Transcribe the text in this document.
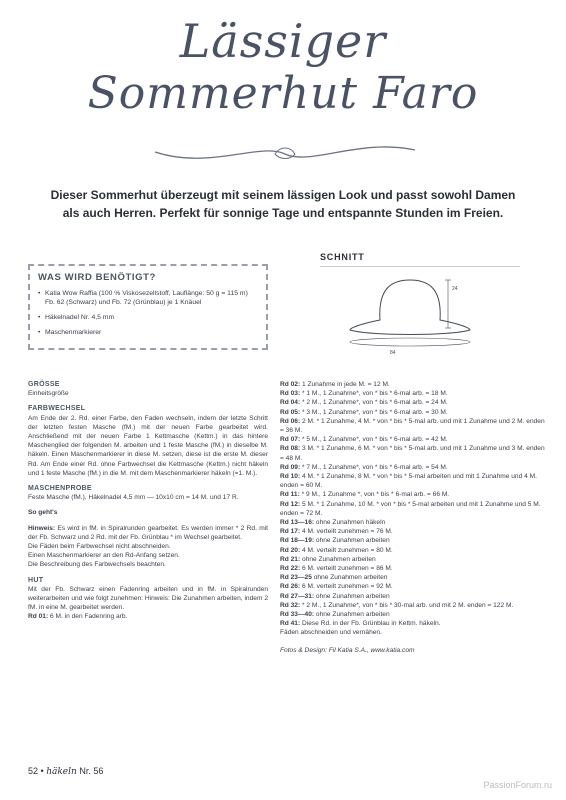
Lässiger
Sommerhut Faro
Dieser Sommerhut überzeugt mit seinem lässigen Look und passt sowohl Damen als auch Herren. Perfekt für sonnige Tage und entspannte Stunden im Freien.
WAS WIRD BENÖTIGT?
• Katia Wow Raffia (100 % Viskosezellstoff, Lauflänge: 50 g = 115 m) Fb. 62 (Schwarz) und Fb. 72 (Grünblau) je 1 Knäuel
• Häkelnadel Nr. 4,5 mm
• Maschenmarkierer
SCHNITT
24
84
GRÖSSE

Einheitsgröße

FARBWECHSEL

Am Ende der 2. Rd. einer Farbe, den Faden wechseln, indem der letzte Schritt der letzten festen Masche (fM.) mit der neuen Farbe gearbeitet wird. Anschließend mit der neuen Farbe 1 Kettmasche (Kettm.) in das hintere Maschenglied der folgenden M. arbeiten und 1 feste Masche (fM.) in dieselbe M. häkeln. Einen Maschenmarkierer in diese M. setzen, diese ist die erste M. dieser Rd. Am Ende einer Rd. ohne Farbwechsel die Kettmasche (Kettm.) nicht häkeln und 1 feste Masche (fM.) in die M. mit dem Maschenmarkierer häkeln (=1. M.).

MASCHENPROBE

Feste Masche (fM.), Häkelnadel 4,5 mm — 10x10 cm = 14 M. und 17 R.

So geht's

Hinweis: Es wird in fM. in Spiralrunden gearbeitet. Es werden immer * 2 Rd. mit der Fb. Schwarz und 2 Rd. mit der Fb. Grünblau * im Wechsel gearbeitet.

Die Fäden beim Farbwechsel nicht abschneiden.
Einen Maschenmarkierer an den Rd-Anfang setzen.
Die Beschreibung des Farbwechsels beachten.
HUT
Mit der Fb. Schwarz einen Fadenring arbeiten und in fM. in Spiralrunden weiterarbeiten und wie folgt zunehmen: Hinweis: Die Zunahmen arbeiten, indem 2 fM. in eine M. gearbeitet werden.
Rd 01: 6 M. in den Fadenring arb.
Rd 02: 1 Zunahme in jede M. = 12 M.
Rd 03: * 1 M., 1 Zunahme*, von * bis * 6-mal arb. = 18 M.
Rd 04: * 2 M., 1 Zunahme*, von * bis * 6-mal arb. = 24 M.
Rd 05: * 3 M., 1 Zunahme*, von * bis * 6-mal arb. = 30 M.
Rd 06: 2 M. * 1 Zunahme, 4 M. * von * bis * 5-mal arb. und mit 1 Zunahme und 2 M. enden = 36 M.
Rd 07: * 5 M., 1 Zunahme*, von * bis * 6-mal arb. = 42 M.
Rd 08: 3 M. * 1 Zunahme, 6 M. * von * bis * 5-mal arb. und mit 1 Zunahme und 3 M. enden = 48 M.
Rd 09: * 7 M., 1 Zunahme*, von * bis * 6-mal arb. = 54 M.
Rd 10: 4 M. * 1 Zunahme, 8 M. * von * bis * 5-mal arbeiten und mit 1 Zunahme und 4 M. enden = 60 M.
Rd 11: * 9 M., 1 Zunahme *, von * bis * 6-mal arb. = 66 M.
Rd 12: 5 M. * 1 Zunahme, 10 M. * von * bis * 5-mal arbeiten und mit 1 Zunahme und 5 M. enden = 72 M.
Rd 13—16: ohne Zunahmen häkeln
Rd 17: 4 M. verteilt zunehmen = 76 M.
Rd 18—19: ohne Zunahmen arbeiten
Rd 20: 4 M. verteilt zunehmen = 80 M.
Rd 21: ohne Zunahmen arbeiten
Rd 22: 6 M. verteilt zunehmen = 86 M.
Rd 23—25 ohne Zunahmen arbeiten
Rd 26: 6 M. verteilt zunehmen = 92 M.
Rd 27—31: ohne Zunahmen arbeiten
Rd 32: * 2 M., 1 Zunahme*, von * bis * 30-mal arb. und mit 2 M. enden = 122 M.
Rd 33—40: ohne Zunahmen arbeiten
Rd 41: Diese Rd. in der Fb. Grünblau in Kettm. häkeln.
Fäden abschneiden und vernähen.
Fotos & Design: Fil Katia S.A., www.katia.com
52 • häkeln Nr. 56
PassionForum.ru
